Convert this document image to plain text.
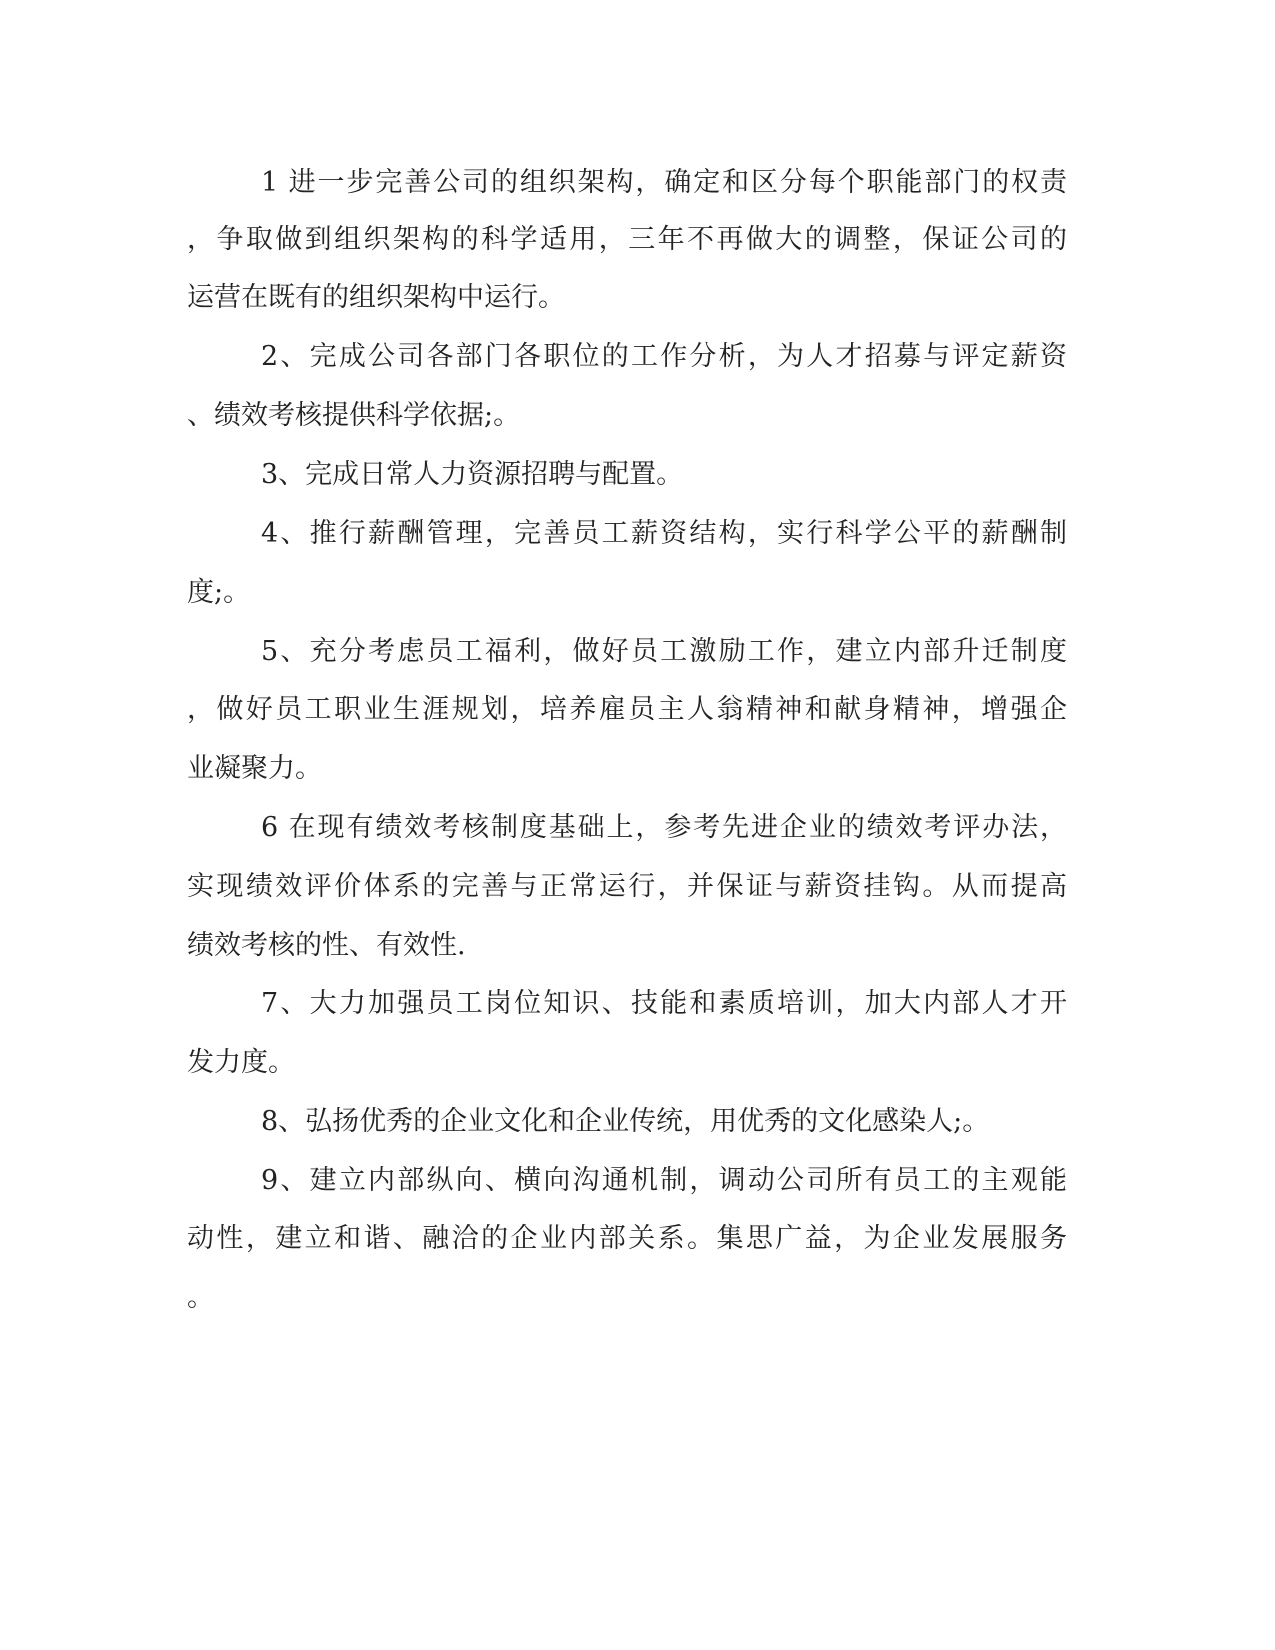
1 进一步完善公司的组织架构，确定和区分每个职能部门的权责

，争取做到组织架构的科学适用，三年不再做大的调整，保证公司的

运营在既有的组织架构中运行。

2、完成公司各部门各职位的工作分析，为人才招募与评定薪资

、绩效考核提供科学依据;。

3、完成日常人力资源招聘与配置。

4、推行薪酬管理，完善员工薪资结构，实行科学公平的薪酬制

度;。

5、充分考虑员工福利，做好员工激励工作，建立内部升迁制度

，做好员工职业生涯规划，培养雇员主人翁精神和献身精神，增强企

业凝聚力。

6 在现有绩效考核制度基础上，参考先进企业的绩效考评办法，

实现绩效评价体系的完善与正常运行，并保证与薪资挂钩。从而提高

绩效考核的性、有效性.

7、大力加强员工岗位知识、技能和素质培训，加大内部人才开

发力度。

8、弘扬优秀的企业文化和企业传统，用优秀的文化感染人;。

9、建立内部纵向、横向沟通机制，调动公司所有员工的主观能

动性，建立和谐、融洽的企业内部关系。集思广益，为企业发展服务

。
